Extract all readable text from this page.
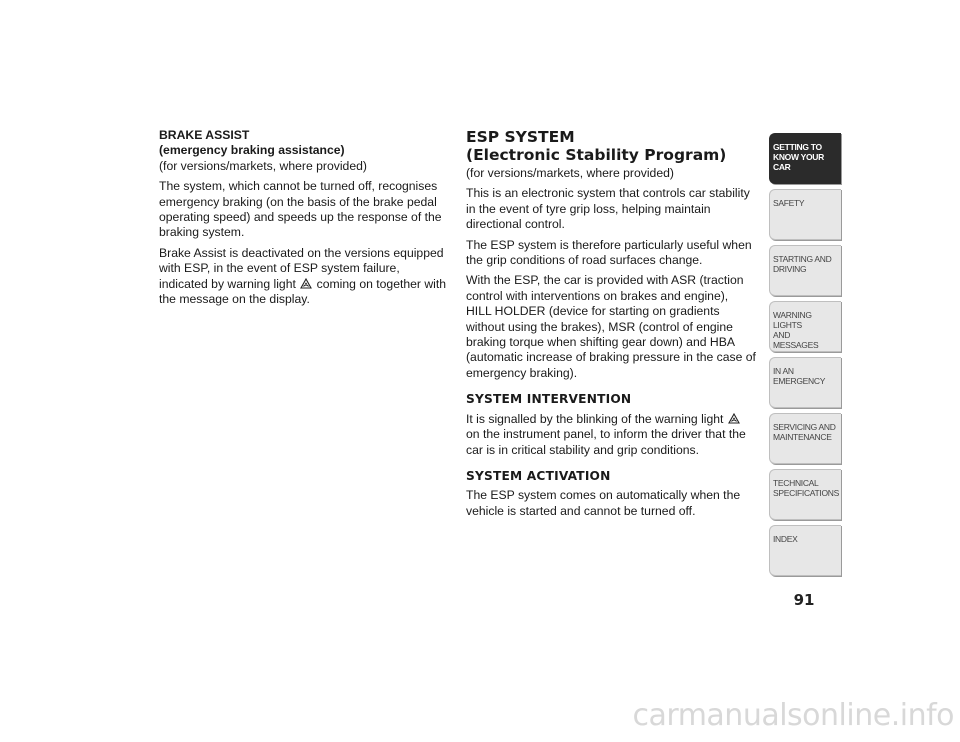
BRAKE ASSIST
(emergency braking assistance)

(for versions/markets, where provided)

The system, which cannot be turned off, recognises emergency braking (on the basis of the brake pedal operating speed) and speeds up the response of the braking system.

Brake Assist is deactivated on the versions equipped with ESP, in the event of ESP system failure, indicated by warning light coming on together with the message on the display.

ESP SYSTEM
(Electronic Stability Program)

(for versions/markets, where provided)

This is an electronic system that controls car stability in the event of tyre grip loss, helping maintain directional control.

The ESP system is therefore particularly useful when the grip conditions of road surfaces change.

With the ESP, the car is provided with ASR (traction control with interventions on brakes and engine), HILL HOLDER (device for starting on gradients without using the brakes), MSR (control of engine braking torque when shifting gear down) and HBA (automatic increase of braking pressure in the case of emergency braking).

SYSTEM INTERVENTION

It is signalled by the blinking of the warning light  on the instrument panel, to inform the driver that the car is in critical stability and grip conditions.

SYSTEM ACTIVATION

The ESP system comes on automatically when the vehicle is started and cannot be turned off.

GETTING TO
KNOW YOUR CAR
SAFETY
STARTING AND
DRIVING
WARNING LIGHTS
AND MESSAGES
IN AN EMERGENCY
SERVICING AND
MAINTENANCE
TECHNICAL
SPECIFICATIONS
INDEX
91
carmanualsonline.info
